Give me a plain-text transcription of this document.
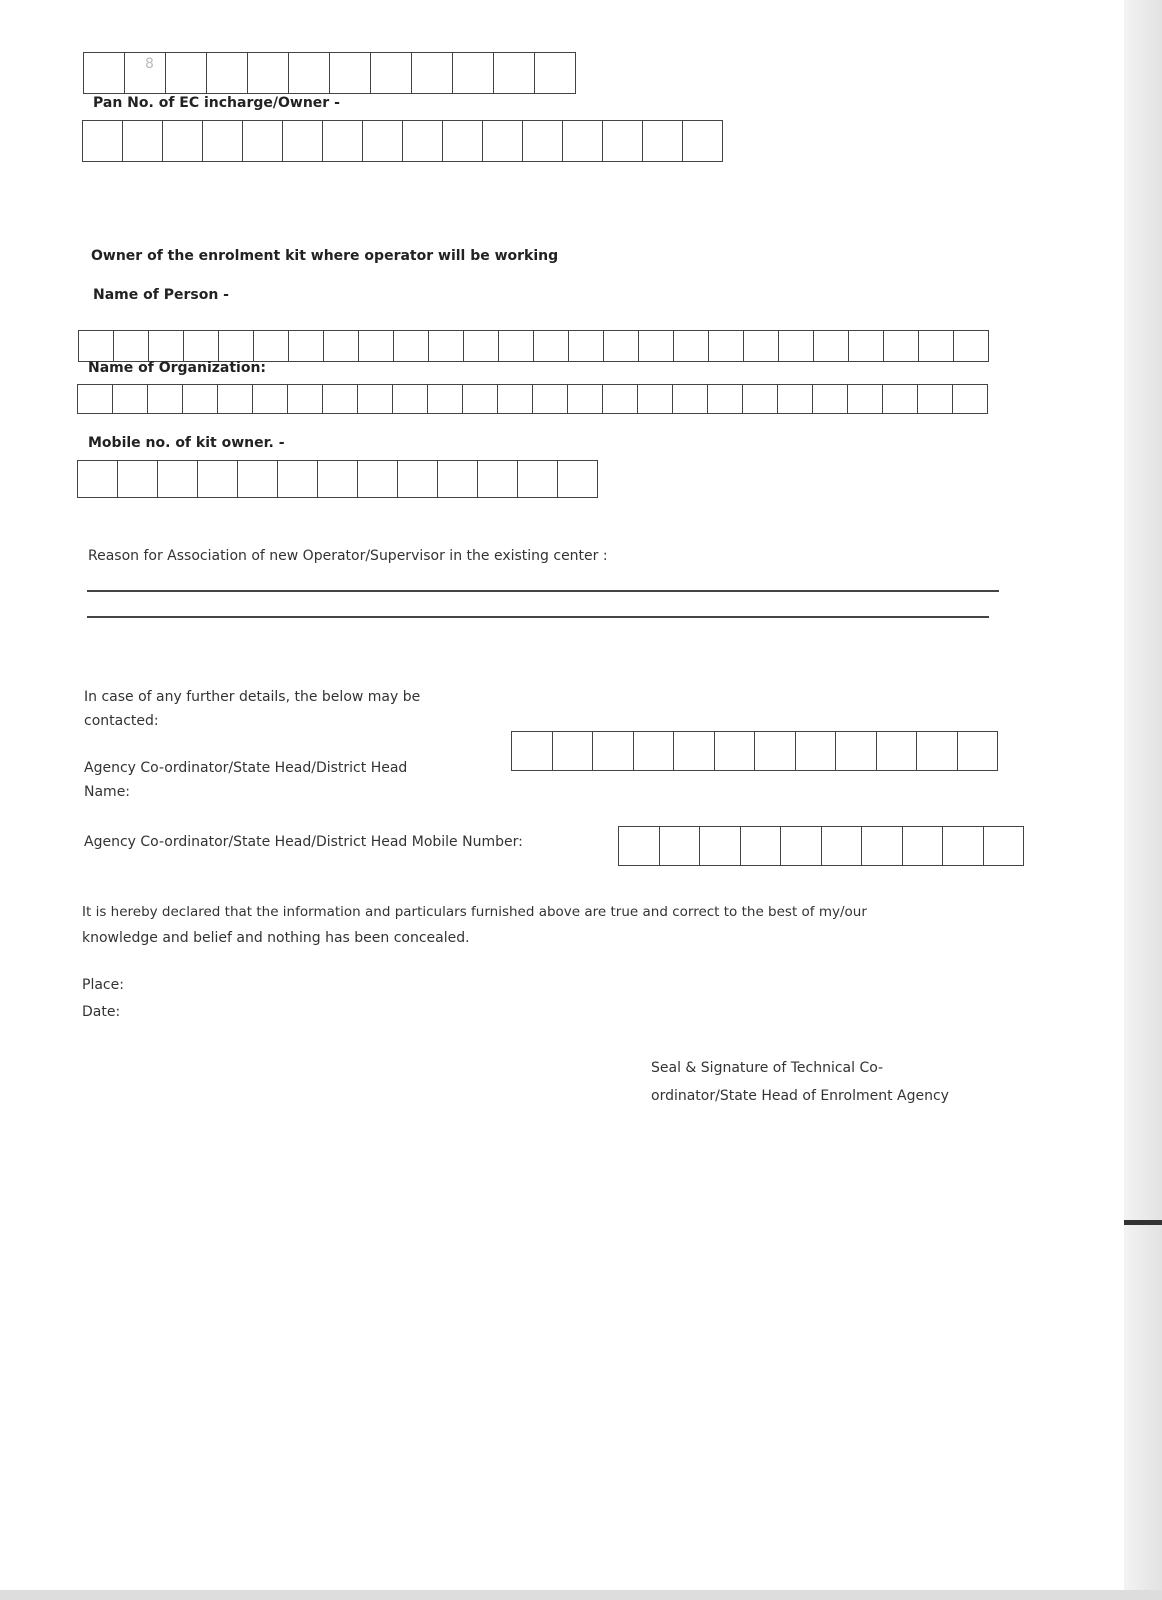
8
Pan No. of EC incharge/Owner -
Owner of the enrolment kit where operator will be working
Name of Person -
Name of Organization:
Mobile no. of kit owner. -
Reason for Association of new Operator/Supervisor in the existing center :
In case of any further details, the below may be
contacted:
Agency Co-ordinator/State Head/District Head
Name:
Agency Co-ordinator/State Head/District Head Mobile Number:
It is hereby declared that the information and particulars furnished above are true and correct to the best of my/our
knowledge and belief and nothing has been concealed.
Place:
Date:
Seal & Signature of Technical Co-
ordinator/State Head of Enrolment Agency
